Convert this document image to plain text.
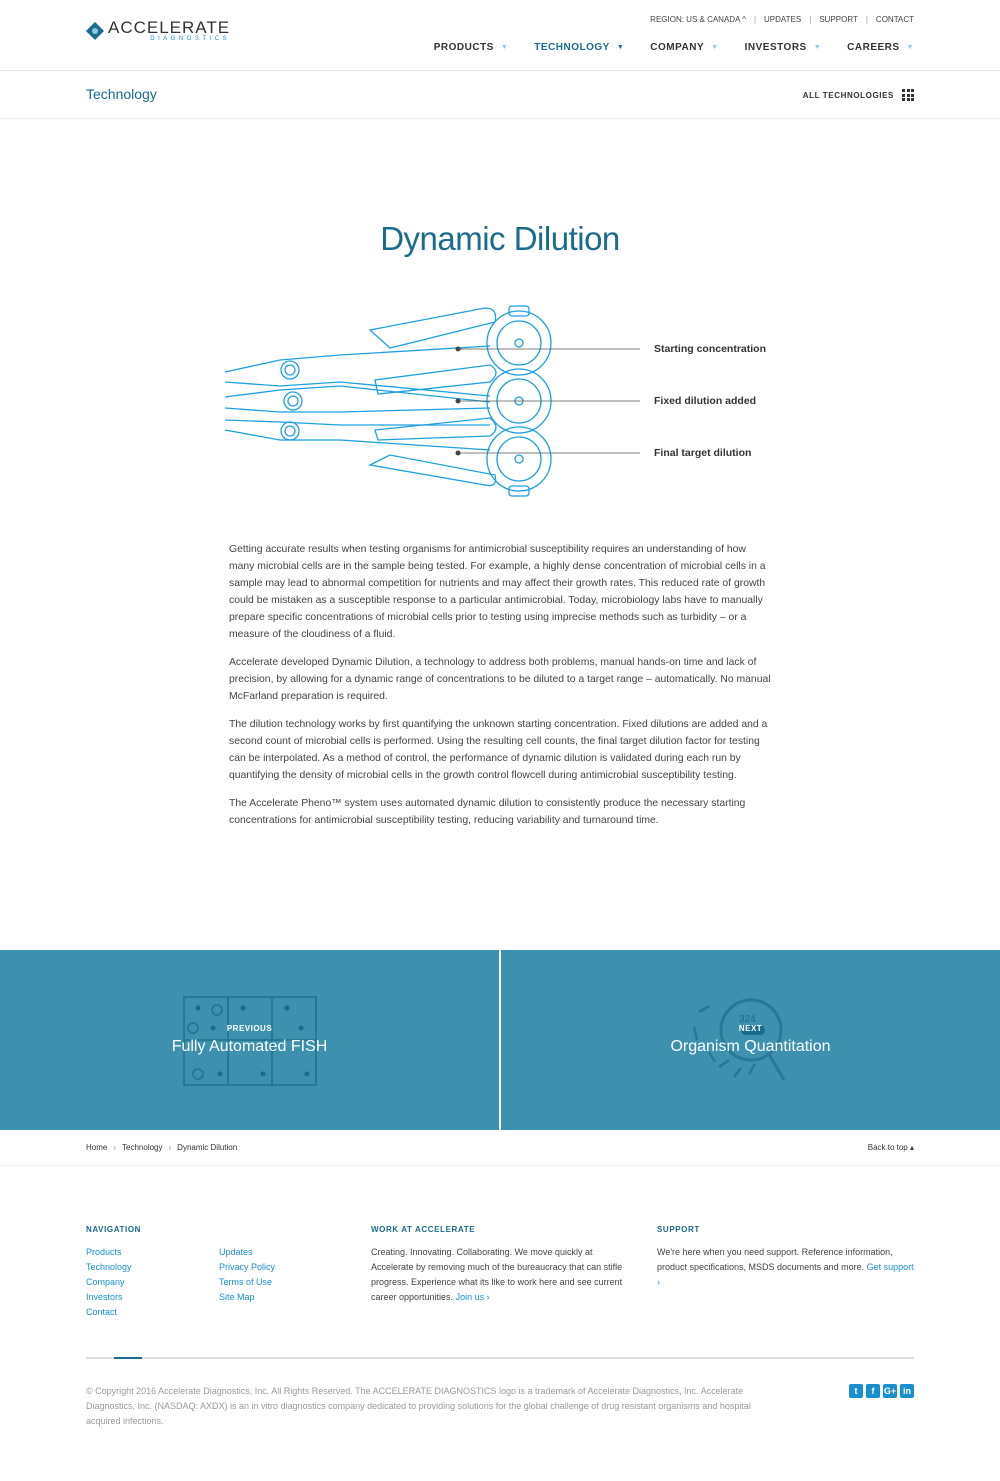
ACCELERATE
DIAGNOSTICS
REGION: US & CANADA ^ | UPDATES | SUPPORT | CONTACT
PRODUCTS ▼	TECHNOLOGY ▼	COMPANY ▼	INVESTORS ▼	CAREERS ▼
Technology	ALL TECHNOLOGIES
Dynamic Dilution
Starting concentration
Fixed dilution added
Final target dilution

Getting accurate results when testing organisms for antimicrobial susceptibility requires an understanding of how many microbial cells are in the sample being tested. For example, a highly dense concentration of microbial cells in a sample may lead to abnormal competition for nutrients and may affect their growth rates. This reduced rate of growth could be mistaken as a susceptible response to a particular antimicrobial. Today, microbiology labs have to manually prepare specific concentrations of microbial cells prior to testing using imprecise methods such as turbidity – or a measure of the cloudiness of a fluid.

Accelerate developed Dynamic Dilution, a technology to address both problems, manual hands-on time and lack of precision, by allowing for a dynamic range of concentrations to be diluted to a target range – automatically. No manual McFarland preparation is required.

The dilution technology works by first quantifying the unknown starting concentration. Fixed dilutions are added and a second count of microbial cells is performed. Using the resulting cell counts, the final target dilution factor for testing can be interpolated. As a method of control, the performance of dynamic dilution is validated during each run by quantifying the density of microbial cells in the growth control flowcell during antimicrobial susceptibility testing.

The Accelerate Pheno™ system uses automated dynamic dilution to consistently produce the necessary starting concentrations for antimicrobial susceptibility testing, reducing variability and turnaround time.

PREVIOUS
Fully Automated FISH
324
NEXT
Organism Quantitation
Home › Technology › Dynamic Dilution	Back to top ▴
NAVIGATION
Products
Technology
Company
Investors
Contact
Updates
Privacy Policy
Terms of Use
Site Map
WORK AT ACCELERATE
Creating. Innovating. Collaborating. We move quickly at Accelerate by removing much of the bureaucracy that can stifle progress. Experience what its like to work here and see current career opportunities. Join us ›
SUPPORT
We're here when you need support. Reference information, product specifications, MSDS documents and more. Get support ›
© Copyright 2016 Accelerate Diagnostics, Inc. All Rights Reserved. The ACCELERATE DIAGNOSTICS logo is a trademark of Accelerate Diagnostics, Inc. Accelerate Diagnostics, Inc. (NASDAQ: AXDX) is an in vitro diagnostics company dedicated to providing solutions for the global challenge of drug resistant organisms and hospital acquired infections.
t	f	G+ in
